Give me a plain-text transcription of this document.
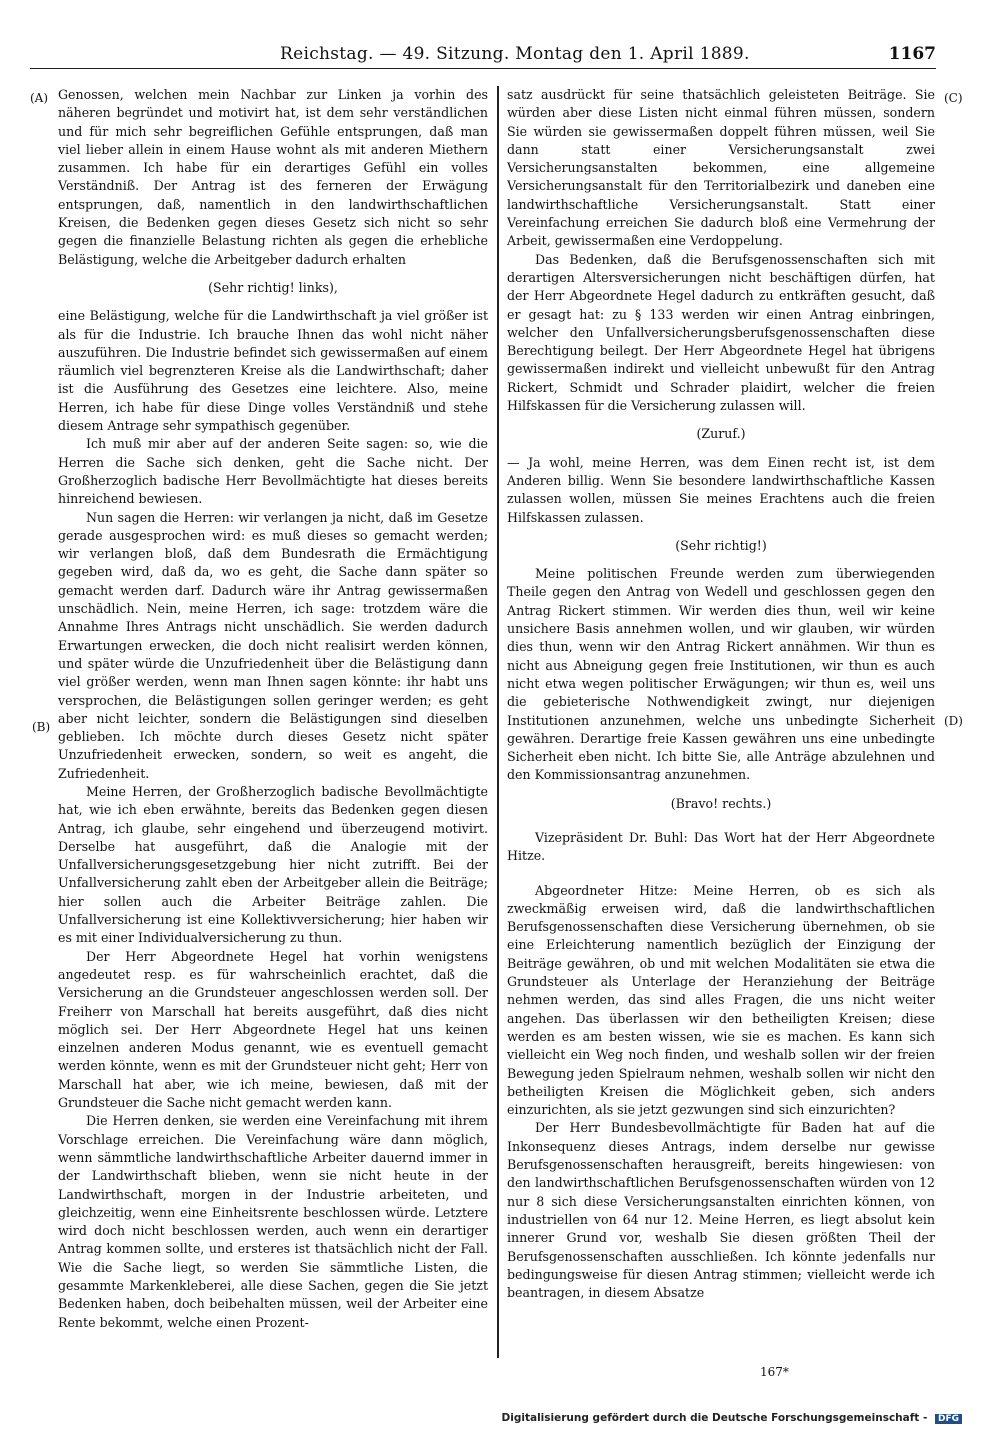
Reichstag. — 49. Sitzung. Montag den 1. April 1889.	1167
(A)
(B)
(C)
(D)

Genossen, welchen mein Nachbar zur Linken ja vorhin des näheren begründet und motivirt hat, ist dem sehr verständlichen und für mich sehr begreiflichen Gefühle entsprungen, daß man viel lieber allein in einem Hause wohnt als mit anderen Miethern zusammen. Ich habe für ein derartiges Gefühl ein volles Verständniß. Der Antrag ist des ferneren der Erwägung entsprungen, daß, namentlich in den landwirthschaftlichen Kreisen, die Bedenken gegen dieses Gesetz sich nicht so sehr gegen die finanzielle Belastung richten als gegen die erhebliche Belästigung, welche die Arbeitgeber dadurch erhalten

(Sehr richtig! links),

eine Belästigung, welche für die Landwirthschaft ja viel größer ist als für die Industrie. Ich brauche Ihnen das wohl nicht näher auszuführen. Die Industrie befindet sich gewissermaßen auf einem räumlich viel begrenzteren Kreise als die Landwirthschaft; daher ist die Ausführung des Gesetzes eine leichtere. Also, meine Herren, ich habe für diese Dinge volles Verständniß und stehe diesem Antrage sehr sympathisch gegenüber.

Ich muß mir aber auf der anderen Seite sagen: so, wie die Herren die Sache sich denken, geht die Sache nicht. Der Großherzoglich badische Herr Bevollmächtigte hat dieses bereits hinreichend bewiesen.

Nun sagen die Herren: wir verlangen ja nicht, daß im Gesetze gerade ausgesprochen wird: es muß dieses so gemacht werden; wir verlangen bloß, daß dem Bundesrath die Ermächtigung gegeben wird, daß da, wo es geht, die Sache dann später so gemacht werden darf. Dadurch wäre ihr Antrag gewissermaßen unschädlich. Nein, meine Herren, ich sage: trotzdem wäre die Annahme Ihres Antrags nicht unschädlich. Sie werden dadurch Erwartungen erwecken, die doch nicht realisirt werden können, und später würde die Unzufriedenheit über die Belästigung dann viel größer werden, wenn man Ihnen sagen könnte: ihr habt uns versprochen, die Belästigungen sollen geringer werden; es geht aber nicht leichter, sondern die Belästigungen sind dieselben geblieben. Ich möchte durch dieses Gesetz nicht später Unzufriedenheit erwecken, sondern, so weit es angeht, die Zufriedenheit.

Meine Herren, der Großherzoglich badische Bevollmächtigte hat, wie ich eben erwähnte, bereits das Bedenken gegen diesen Antrag, ich glaube, sehr eingehend und überzeugend motivirt. Derselbe hat ausgeführt, daß die Analogie mit der Unfallversicherungsgesetzgebung hier nicht zutrifft. Bei der Unfallversicherung zahlt eben der Arbeitgeber allein die Beiträge; hier sollen auch die Arbeiter Beiträge zahlen. Die Unfallversicherung ist eine Kollektivversicherung; hier haben wir es mit einer Individualversicherung zu thun.

Der Herr Abgeordnete Hegel hat vorhin wenigstens angedeutet resp. es für wahrscheinlich erachtet, daß die Versicherung an die Grundsteuer angeschlossen werden soll. Der Freiherr von Marschall hat bereits ausgeführt, daß dies nicht möglich sei. Der Herr Abgeordnete Hegel hat uns keinen einzelnen anderen Modus genannt, wie es eventuell gemacht werden könnte, wenn es mit der Grundsteuer nicht geht; Herr von Marschall hat aber, wie ich meine, bewiesen, daß mit der Grundsteuer die Sache nicht gemacht werden kann.

Die Herren denken, sie werden eine Vereinfachung mit ihrem Vorschlage erreichen. Die Vereinfachung wäre dann möglich, wenn sämmtliche landwirthschaftliche Arbeiter dauernd immer in der Landwirthschaft blieben, wenn sie nicht heute in der Landwirthschaft, morgen in der Industrie arbeiteten, und gleichzeitig, wenn eine Einheitsrente beschlossen würde. Letztere wird doch nicht beschlossen werden, auch wenn ein derartiger Antrag kommen sollte, und ersteres ist thatsächlich nicht der Fall. Wie die Sache liegt, so werden Sie sämmtliche Listen, die gesammte Markenkleberei, alle diese Sachen, gegen die Sie jetzt Bedenken haben, doch beibehalten müssen, weil der Arbeiter eine Rente bekommt, welche einen Prozent-

satz ausdrückt für seine thatsächlich geleisteten Beiträge. Sie würden aber diese Listen nicht einmal führen müssen, sondern Sie würden sie gewissermaßen doppelt führen müssen, weil Sie dann statt einer Versicherungsanstalt zwei Versicherungsanstalten bekommen, eine allgemeine Versicherungsanstalt für den Territorialbezirk und daneben eine landwirthschaftliche Versicherungsanstalt. Statt einer Vereinfachung erreichen Sie dadurch bloß eine Vermehrung der Arbeit, gewissermaßen eine Verdoppelung.

Das Bedenken, daß die Berufsgenossenschaften sich mit derartigen Altersversicherungen nicht beschäftigen dürfen, hat der Herr Abgeordnete Hegel dadurch zu entkräften gesucht, daß er gesagt hat: zu § 133 werden wir einen Antrag einbringen, welcher den Unfallversicherungsberufsgenossenschaften diese Berechtigung beilegt. Der Herr Abgeordnete Hegel hat übrigens gewissermaßen indirekt und vielleicht unbewußt für den Antrag Rickert, Schmidt und Schrader plaidirt, welcher die freien Hilfskassen für die Versicherung zulassen will.

(Zuruf.)

— Ja wohl, meine Herren, was dem Einen recht ist, ist dem Anderen billig. Wenn Sie besondere landwirthschaftliche Kassen zulassen wollen, müssen Sie meines Erachtens auch die freien Hilfskassen zulassen.

(Sehr richtig!)

Meine politischen Freunde werden zum überwiegenden Theile gegen den Antrag von Wedell und geschlossen gegen den Antrag Rickert stimmen. Wir werden dies thun, weil wir keine unsichere Basis annehmen wollen, und wir glauben, wir würden dies thun, wenn wir den Antrag Rickert annähmen. Wir thun es nicht aus Abneigung gegen freie Institutionen, wir thun es auch nicht etwa wegen politischer Erwägungen; wir thun es, weil uns die gebieterische Nothwendigkeit zwingt, nur diejenigen Institutionen anzunehmen, welche uns unbedingte Sicherheit gewähren. Derartige freie Kassen gewähren uns eine unbedingte Sicherheit eben nicht. Ich bitte Sie, alle Anträge abzulehnen und den Kommissionsantrag anzunehmen.

(Bravo! rechts.)

Vizepräsident Dr. Buhl: Das Wort hat der Herr Abgeordnete Hitze.

Abgeordneter Hitze: Meine Herren, ob es sich als zweckmäßig erweisen wird, daß die landwirthschaftlichen Berufsgenossenschaften diese Versicherung übernehmen, ob sie eine Erleichterung namentlich bezüglich der Einzigung der Beiträge gewähren, ob und mit welchen Modalitäten sie etwa die Grundsteuer als Unterlage der Heranziehung der Beiträge nehmen werden, das sind alles Fragen, die uns nicht weiter angehen. Das überlassen wir den betheiligten Kreisen; diese werden es am besten wissen, wie sie es machen. Es kann sich vielleicht ein Weg noch finden, und weshalb sollen wir der freien Bewegung jeden Spielraum nehmen, weshalb sollen wir nicht den betheiligten Kreisen die Möglichkeit geben, sich anders einzurichten, als sie jetzt gezwungen sind sich einzurichten?

Der Herr Bundesbevollmächtigte für Baden hat auf die Inkonsequenz dieses Antrags, indem derselbe nur gewisse Berufsgenossenschaften herausgreift, bereits hingewiesen: von den landwirthschaftlichen Berufsgenossenschaften würden von 12 nur 8 sich diese Versicherungsanstalten einrichten können, von industriellen von 64 nur 12. Meine Herren, es liegt absolut kein innerer Grund vor, weshalb Sie diesen größten Theil der Berufsgenossenschaften ausschließen. Ich könnte jedenfalls nur bedingungsweise für diesen Antrag stimmen; vielleicht werde ich beantragen, in diesem Absatze

167*
Digitalisierung gefördert durch die Deutsche Forschungsgemeinschaft - DFG
